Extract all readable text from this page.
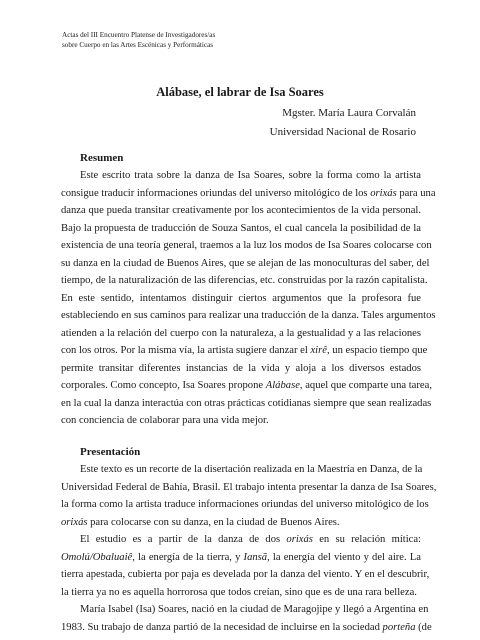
Actas del III Encuentro Platense de Investigadores/as
sobre Cuerpo en las Artes Escénicas y Performáticas
Alábase, el labrar de Isa Soares
Mgster. María Laura Corvalán
Universidad Nacional de Rosario
Resumen
Este escrito trata sobre la danza de Isa Soares, sobre la forma como la artista
consigue traducir informaciones oriundas del universo mitológico de los orixás para una
danza que pueda transitar creativamente por los acontecimientos de la vida personal.
Bajo la propuesta de traducción de Souza Santos, el cual cancela la posibilidad de la
existencia de una teoría general, traemos a la luz los modos de Isa Soares colocarse con
su danza en la ciudad de Buenos Aires, que se alejan de las monoculturas del saber, del
tiempo, de la naturalización de las diferencias, etc. construidas por la razón capitalista.
En este sentido, intentamos distinguir ciertos argumentos que la profesora fue
estableciendo en sus caminos para realizar una traducción de la danza. Tales argumentos
atienden a la relación del cuerpo con la naturaleza, a la gestualidad y a las relaciones
con los otros. Por la misma vía, la artista sugiere danzar el xirê, un espacio tiempo que
permite transitar diferentes instancias de la vida y aloja a los diversos estados
corporales. Como concepto, Isa Soares propone Alábase, aquel que comparte una tarea,
en la cual la danza interactúa con otras prácticas cotidianas siempre que sean realizadas
con conciencia de colaborar para una vida mejor.
Presentación
Este texto es un recorte de la disertación realizada en la Maestría en Danza, de la
Universidad Federal de Bahía, Brasil. El trabajo intenta presentar la danza de Isa Soares,
la forma como la artista traduce informaciones oriundas del universo mitológico de los
orixás para colocarse con su danza, en la ciudad de Buenos Aires.
El estudio es a partir de la danza de dos orixás en su relación mítica:
Omolú/Obaluaiê, la energía de la tierra, y Iansã, la energía del viento y del aire. La
tierra apestada, cubierta por paja es develada por la danza del viento. Y en el descubrir,
la tierra ya no es aquella horrorosa que todos creían, sino que es de una rara belleza.
María Isabel (Isa) Soares, nació en la ciudad de Maragojipe y llegó a Argentina en
1983. Su trabajo de danza partió de la necesidad de incluirse en la sociedad porteña (de
